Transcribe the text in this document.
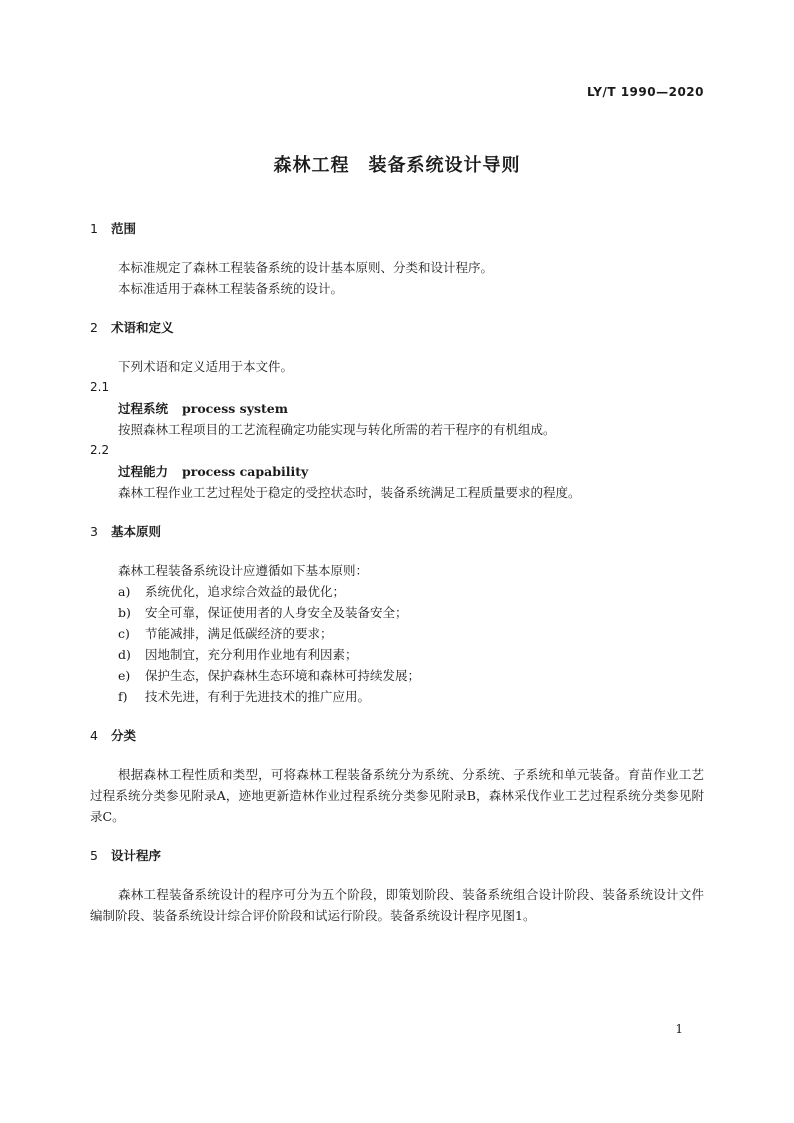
LY/T 1990—2020
森林工程　装备系统设计导则
1 范围
本标准规定了森林工程装备系统的设计基本原则、分类和设计程序。
本标准适用于森林工程装备系统的设计。
2 术语和定义
下列术语和定义适用于本文件。
2.1
过程系统 process system
按照森林工程项目的工艺流程确定功能实现与转化所需的若干程序的有机组成。
2.2
过程能力 process capability
森林工程作业工艺过程处于稳定的受控状态时，装备系统满足工程质量要求的程度。
3 基本原则
森林工程装备系统设计应遵循如下基本原则：
a) 系统优化，追求综合效益的最优化；
b) 安全可靠，保证使用者的人身安全及装备安全；
c) 节能减排，满足低碳经济的要求；
d) 因地制宜，充分利用作业地有利因素；
e) 保护生态，保护森林生态环境和森林可持续发展；
f) 技术先进，有利于先进技术的推广应用。
4 分类

根据森林工程性质和类型，可将森林工程装备系统分为系统、分系统、子系统和单元装备。育苗作业工艺过程系统分类参见附录A，迹地更新造林作业过程系统分类参见附录B，森林采伐作业工艺过程系统分类参见附录C。

5 设计程序

森林工程装备系统设计的程序可分为五个阶段，即策划阶段、装备系统组合设计阶段、装备系统设计文件编制阶段、装备系统设计综合评价阶段和试运行阶段。装备系统设计程序见图1。

1
